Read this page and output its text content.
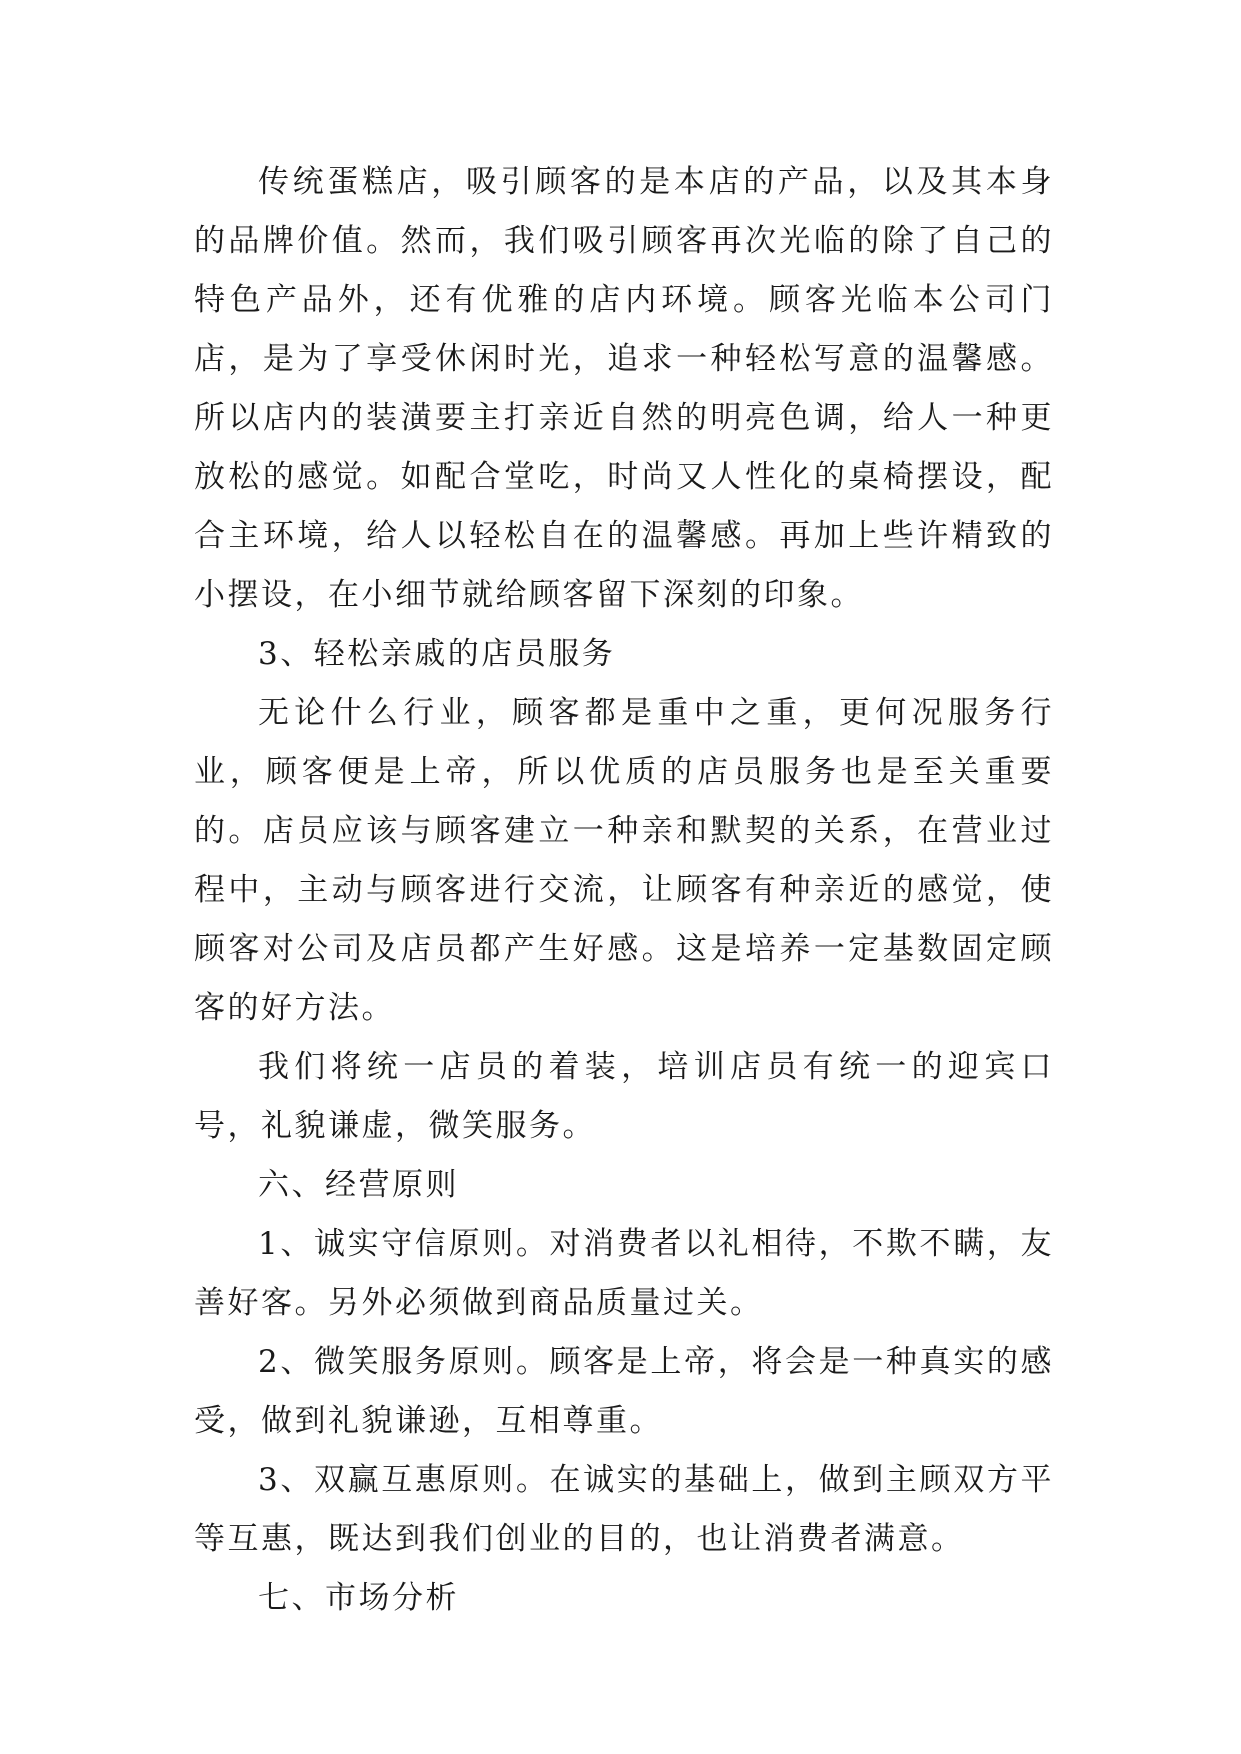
传统蛋糕店，吸引顾客的是本店的产品，以及其本身的品牌价值。然而，我们吸引顾客再次光临的除了自己的特色产品外，还有优雅的店内环境。顾客光临本公司门店，是为了享受休闲时光，追求一种轻松写意的温馨感。所以店内的装潢要主打亲近自然的明亮色调，给人一种更放松的感觉。如配合堂吃，时尚又人性化的桌椅摆设，配合主环境，给人以轻松自在的温馨感。再加上些许精致的小摆设，在小细节就给顾客留下深刻的印象。

3、轻松亲戚的店员服务

无论什么行业，顾客都是重中之重，更何况服务行业，顾客便是上帝，所以优质的店员服务也是至关重要的。店员应该与顾客建立一种亲和默契的关系，在营业过程中，主动与顾客进行交流，让顾客有种亲近的感觉，使顾客对公司及店员都产生好感。这是培养一定基数固定顾客的好方法。

我们将统一店员的着装，培训店员有统一的迎宾口号，礼貌谦虚，微笑服务。

六、经营原则

1、诚实守信原则。对消费者以礼相待，不欺不瞒，友善好客。另外必须做到商品质量过关。

2、微笑服务原则。顾客是上帝，将会是一种真实的感受，做到礼貌谦逊，互相尊重。

3、双赢互惠原则。在诚实的基础上，做到主顾双方平等互惠，既达到我们创业的目的，也让消费者满意。

七、市场分析
